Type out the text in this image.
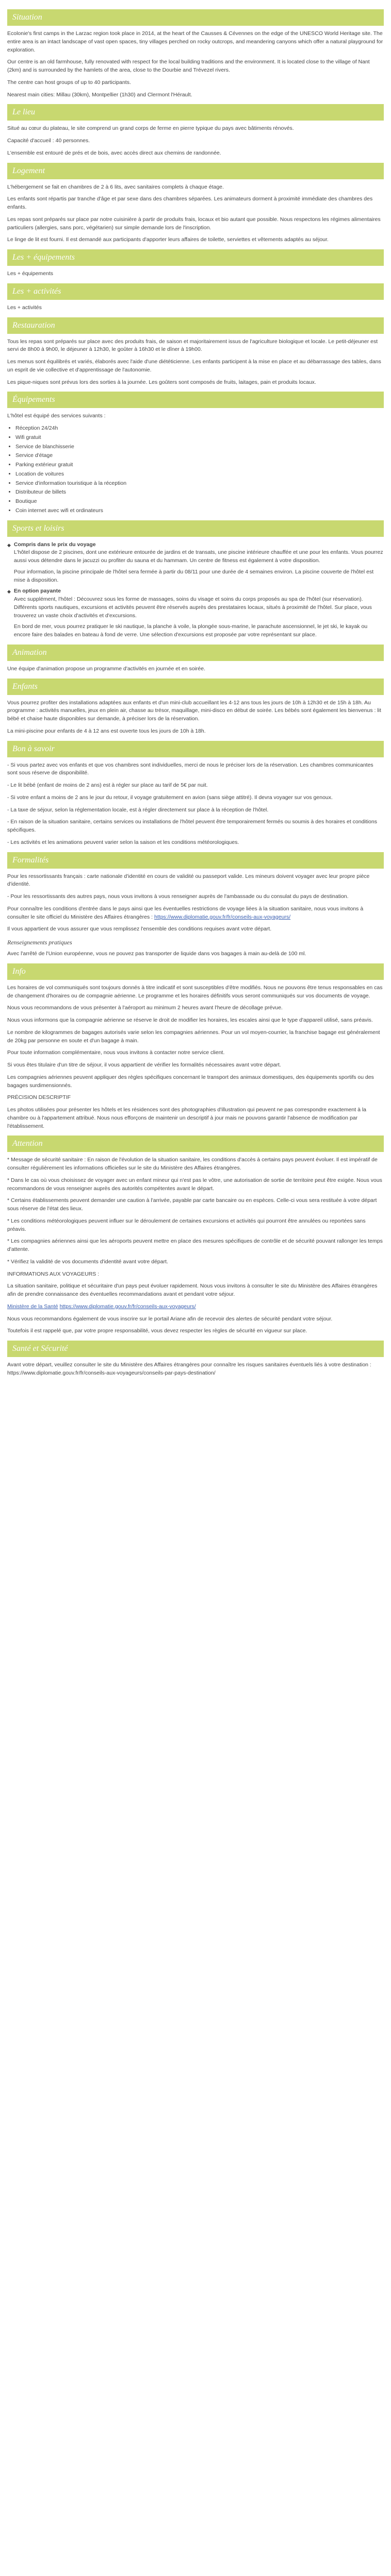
Situation

Ecolonie's first camps in the Larzac region took place in 2014, at the heart of the Causses & Cévennes on the edge of the UNESCO World Heritage site. The entire area is an intact landscape of vast open spaces, tiny villages perched on rocky outcrops, and meandering canyons which offer a natural playground for exploration.

Our centre is an old farmhouse, fully renovated with respect for the local building traditions and the environment. It is located close to the village of Nant (2km) and is surrounded by the hamlets of the area, close to the Dourbie and Trévezel rivers.

The centre can host groups of up to 40 participants.

Nearest main cities: Millau (30km), Montpellier (1h30) and Clermont l'Hérault.

Le lieu

Situé au cœur du plateau, le site comprend un grand corps de ferme en pierre typique du pays avec bâtiments rénovés.

Capacité d'accueil : 40 personnes.

L'ensemble est entouré de prés et de bois, avec accès direct aux chemins de randonnée.

Logement

L'hébergement se fait en chambres de 2 à 6 lits, avec sanitaires complets à chaque étage.

Les enfants sont répartis par tranche d'âge et par sexe dans des chambres séparées. Les animateurs dorment à proximité immédiate des chambres des enfants.

Les repas sont préparés sur place par notre cuisinière à partir de produits frais, locaux et bio autant que possible. Nous respectons les régimes alimentaires particuliers (allergies, sans porc, végétarien) sur simple demande lors de l'inscription.

Le linge de lit est fourni. Il est demandé aux participants d'apporter leurs affaires de toilette, serviettes et vêtements adaptés au séjour.

Les + équipements

Les + équipements

Les + activités

Les + activités

Restauration

Tous les repas sont préparés sur place avec des produits frais, de saison et majoritairement issus de l'agriculture biologique et locale. Le petit-déjeuner est servi de 8h00 à 9h00, le déjeuner à 12h30, le goûter à 16h30 et le dîner à 19h00.

Les menus sont équilibrés et variés, élaborés avec l'aide d'une diététicienne. Les enfants participent à la mise en place et au débarrassage des tables, dans un esprit de vie collective et d'apprentissage de l'autonomie.

Les pique-niques sont prévus lors des sorties à la journée. Les goûters sont composés de fruits, laitages, pain et produits locaux.

Équipements

L'hôtel est équipé des services suivants :

• Réception 24/24h
• Wifi gratuit
• Service de blanchisserie
• Service d'étage
• Parking extérieur gratuit
• Location de voitures
• Service d'information touristique à la réception
• Distributeur de billets
• Boutique
• Coin internet avec wifi et ordinateurs
Sports et loisirs
◆ Compris dans le prix du voyage
L'hôtel dispose de 2 piscines, dont une extérieure entourée de jardins et de transats, une piscine intérieure chauffée et une pour les enfants. Vous pourrez aussi vous détendre dans le jacuzzi ou profiter du sauna et du hammam. Un centre de fitness est également à votre disposition.
Pour information, la piscine principale de l'hôtel sera fermée à partir du 08/11 pour une durée de 4 semaines environ. La piscine couverte de l'hôtel est mise à disposition.
◆ En option payante
Avec supplément, l'hôtel : Découvrez sous les forme de massages, soins du visage et soins du corps proposés au spa de l'hôtel (sur réservation). Différents sports nautiques, excursions et activités peuvent être réservés auprès des prestataires locaux, situés à proximité de l'hôtel. Sur place, vous trouverez un vaste choix d'activités et d'excursions.
En bord de mer, vous pourrez pratiquer le ski nautique, la planche à voile, la plongée sous-marine, le parachute ascensionnel, le jet ski, le kayak ou encore faire des balades en bateau à fond de verre. Une sélection d'excursions est proposée par votre représentant sur place.
Animation

Une équipe d'animation propose un programme d'activités en journée et en soirée.

Enfants

Vous pourrez profiter des installations adaptées aux enfants et d'un mini-club accueillant les 4-12 ans tous les jours de 10h à 12h30 et de 15h à 18h. Au programme : activités manuelles, jeux en plein air, chasse au trésor, maquillage, mini-disco en début de soirée. Les bébés sont également les bienvenus : lit bébé et chaise haute disponibles sur demande, à préciser lors de la réservation.

La mini-piscine pour enfants de 4 à 12 ans est ouverte tous les jours de 10h à 18h.

Bon à savoir

- Si vous partez avec vos enfants et que vos chambres sont individuelles, merci de nous le préciser lors de la réservation. Les chambres communicantes sont sous réserve de disponibilité.

- Le lit bébé (enfant de moins de 2 ans) est à régler sur place au tarif de 5€ par nuit.

- Si votre enfant a moins de 2 ans le jour du retour, il voyage gratuitement en avion (sans siège attitré). Il devra voyager sur vos genoux.

- La taxe de séjour, selon la réglementation locale, est à régler directement sur place à la réception de l'hôtel.

- En raison de la situation sanitaire, certains services ou installations de l'hôtel peuvent être temporairement fermés ou soumis à des horaires et conditions spécifiques.

- Les activités et les animations peuvent varier selon la saison et les conditions météorologiques.

Formalités

Pour les ressortissants français : carte nationale d'identité en cours de validité ou passeport valide. Les mineurs doivent voyager avec leur propre pièce d'identité.

- Pour les ressortissants des autres pays, nous vous invitons à vous renseigner auprès de l'ambassade ou du consulat du pays de destination.

Pour connaître les conditions d'entrée dans le pays ainsi que les éventuelles restrictions de voyage liées à la situation sanitaire, nous vous invitons à consulter le site officiel du Ministère des Affaires étrangères : https://www.diplomatie.gouv.fr/fr/conseils-aux-voyageurs/

Il vous appartient de vous assurer que vous remplissez l'ensemble des conditions requises avant votre départ.

Renseignements pratiques

Avec l'arrêté de l'Union européenne, vous ne pouvez pas transporter de liquide dans vos bagages à main au-delà de 100 ml.

Info

Les horaires de vol communiqués sont toujours donnés à titre indicatif et sont susceptibles d'être modifiés. Nous ne pouvons être tenus responsables en cas de changement d'horaires ou de compagnie aérienne. Le programme et les horaires définitifs vous seront communiqués sur vos documents de voyage.

Nous vous recommandons de vous présenter à l'aéroport au minimum 2 heures avant l'heure de décollage prévue.

Nous vous informons que la compagnie aérienne se réserve le droit de modifier les horaires, les escales ainsi que le type d'appareil utilisé, sans préavis.

Le nombre de kilogrammes de bagages autorisés varie selon les compagnies aériennes. Pour un vol moyen-courrier, la franchise bagage est généralement de 20kg par personne en soute et d'un bagage à main.

Pour toute information complémentaire, nous vous invitons à contacter notre service client.

Si vous êtes titulaire d'un titre de séjour, il vous appartient de vérifier les formalités nécessaires avant votre départ.

Les compagnies aériennes peuvent appliquer des règles spécifiques concernant le transport des animaux domestiques, des équipements sportifs ou des bagages surdimensionnés.

PRÉCISION DESCRIPTIF

Les photos utilisées pour présenter les hôtels et les résidences sont des photographies d'illustration qui peuvent ne pas correspondre exactement à la chambre ou à l'appartement attribué. Nous nous efforçons de maintenir un descriptif à jour mais ne pouvons garantir l'absence de modification par l'établissement.

Attention

* Message de sécurité sanitaire : En raison de l'évolution de la situation sanitaire, les conditions d'accès à certains pays peuvent évoluer. Il est impératif de consulter régulièrement les informations officielles sur le site du Ministère des Affaires étrangères.

* Dans le cas où vous choisissez de voyager avec un enfant mineur qui n'est pas le vôtre, une autorisation de sortie de territoire peut être exigée. Nous vous recommandons de vous renseigner auprès des autorités compétentes avant le départ.

* Certains établissements peuvent demander une caution à l'arrivée, payable par carte bancaire ou en espèces. Celle-ci vous sera restituée à votre départ sous réserve de l'état des lieux.

* Les conditions météorologiques peuvent influer sur le déroulement de certaines excursions et activités qui pourront être annulées ou reportées sans préavis.

* Les compagnies aériennes ainsi que les aéroports peuvent mettre en place des mesures spécifiques de contrôle et de sécurité pouvant rallonger les temps d'attente.

* Vérifiez la validité de vos documents d'identité avant votre départ.

INFORMATIONS AUX VOYAGEURS :

La situation sanitaire, politique et sécuritaire d'un pays peut évoluer rapidement. Nous vous invitons à consulter le site du Ministère des Affaires étrangères afin de prendre connaissance des éventuelles recommandations avant et pendant votre séjour.

Ministère de la Santé https://www.diplomatie.gouv.fr/fr/conseils-aux-voyageurs/

Nous vous recommandons également de vous inscrire sur le portail Ariane afin de recevoir des alertes de sécurité pendant votre séjour.

Toutefois il est rappelé que, par votre propre responsabilité, vous devez respecter les règles de sécurité en vigueur sur place.

Santé et Sécurité

Avant votre départ, veuillez consulter le site du Ministère des Affaires étrangères pour connaître les risques sanitaires éventuels liés à votre destination : https://www.diplomatie.gouv.fr/fr/conseils-aux-voyageurs/conseils-par-pays-destination/
